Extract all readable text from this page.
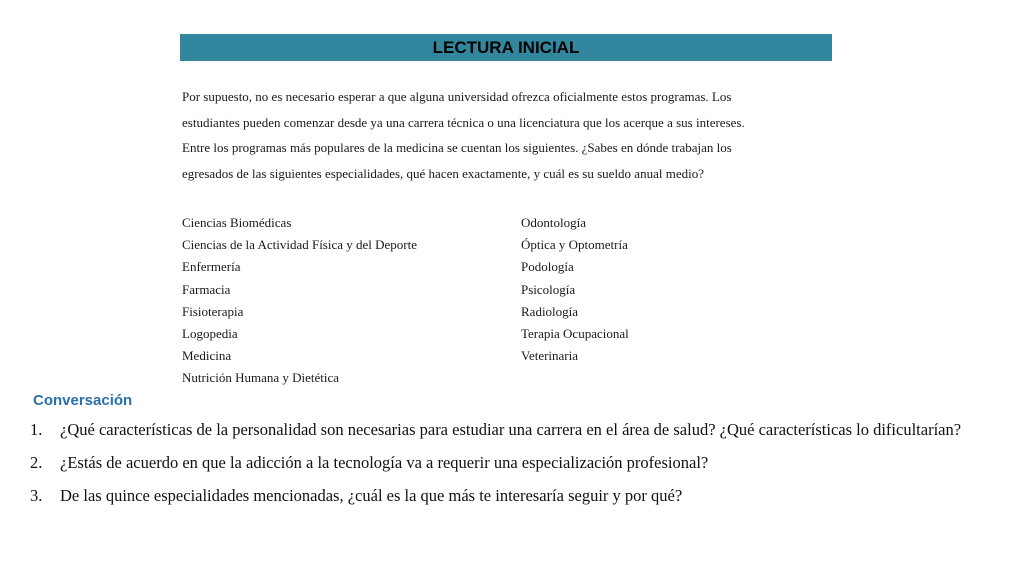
LECTURA INICIAL

Por supuesto, no es necesario esperar a que alguna universidad ofrezca oficialmente estos programas. Los

estudiantes pueden comenzar desde ya una carrera técnica o una licenciatura que los acerque a sus intereses.

Entre los programas más populares de la medicina se cuentan los siguientes. ¿Sabes en dónde trabajan los

egresados de las siguientes especialidades, qué hacen exactamente, y cuál es su sueldo anual medio?

Ciencias Biomédicas
Ciencias de la Actividad Física y del Deporte
Enfermería
Farmacia
Fisioterapia
Logopedia
Medicina
Nutrición Humana y Dietética
Odontología
Óptica y Optometría
Podología
Psicología
Radiología
Terapia Ocupacional
Veterinaria
Conversación
1.	¿Qué características de la personalidad son necesarias para estudiar una carrera en el área de salud? ¿Qué características lo dificultarían?
2.	¿Estás de acuerdo en que la adicción a la tecnología va a requerir una especialización profesional?
3.	De las quince especialidades mencionadas, ¿cuál es la que más te interesaría seguir y por qué?
